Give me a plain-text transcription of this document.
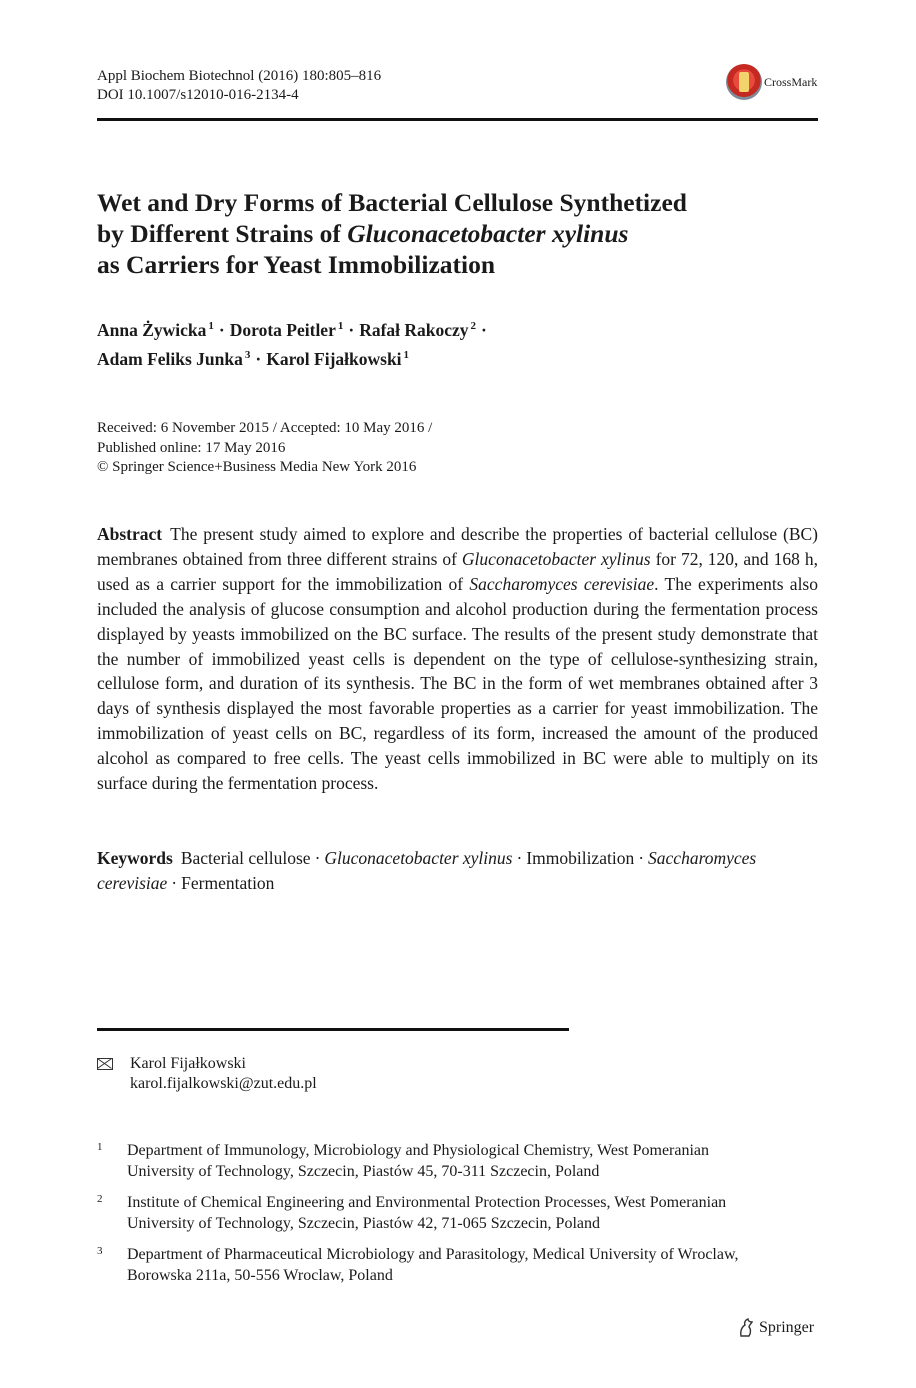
Appl Biochem Biotechnol (2016) 180:805–816
DOI 10.1007/s12010-016-2134-4
CrossMark
Wet and Dry Forms of Bacterial Cellulose Synthetized
by Different Strains of Gluconacetobacter xylinus
as Carriers for Yeast Immobilization
Anna Żywicka $^1$ · Dorota Peitler $^1$ · Rafał Rakoczy $^2$ ·
Adam Feliks Junka $^3$ · Karol Fijałkowski $^1$
Received: 6 November 2015 / Accepted: 10 May 2016 /
Published online: 17 May 2016
© Springer Science+Business Media New York 2016
Abstract The present study aimed to explore and describe the properties of bacterial cellulose (BC) membranes obtained from three different strains of Gluconacetobacter xylinus for 72, 120, and 168 h, used as a carrier support for the immobilization of Saccharomyces cerevisiae. The experiments also included the analysis of glucose consumption and alcohol production during the fermentation process displayed by yeasts immobilized on the BC surface. The results of the present study demonstrate that the number of immobilized yeast cells is dependent on the type of cellulose-synthesizing strain, cellulose form, and duration of its synthesis. The BC in the form of wet membranes obtained after 3 days of synthesis displayed the most favorable properties as a carrier for yeast immobilization. The immobilization of yeast cells on BC, regardless of its form, increased the amount of the produced alcohol as compared to free cells. The yeast cells immobilized in BC were able to multiply on its surface during the fermentation process.
Keywords Bacterial cellulose · Gluconacetobacter xylinus · Immobilization · Saccharomyces cerevisiae · Fermentation
Karol Fijałkowski
karol.fijalkowski@zut.edu.pl
1 Department of Immunology, Microbiology and Physiological Chemistry, West Pomeranian
University of Technology, Szczecin, Piastów 45, 70-311 Szczecin, Poland
2 Institute of Chemical Engineering and Environmental Protection Processes, West Pomeranian
University of Technology, Szczecin, Piastów 42, 71-065 Szczecin, Poland
3 Department of Pharmaceutical Microbiology and Parasitology, Medical University of Wroclaw,
Borowska 211a, 50-556 Wroclaw, Poland
Springer
